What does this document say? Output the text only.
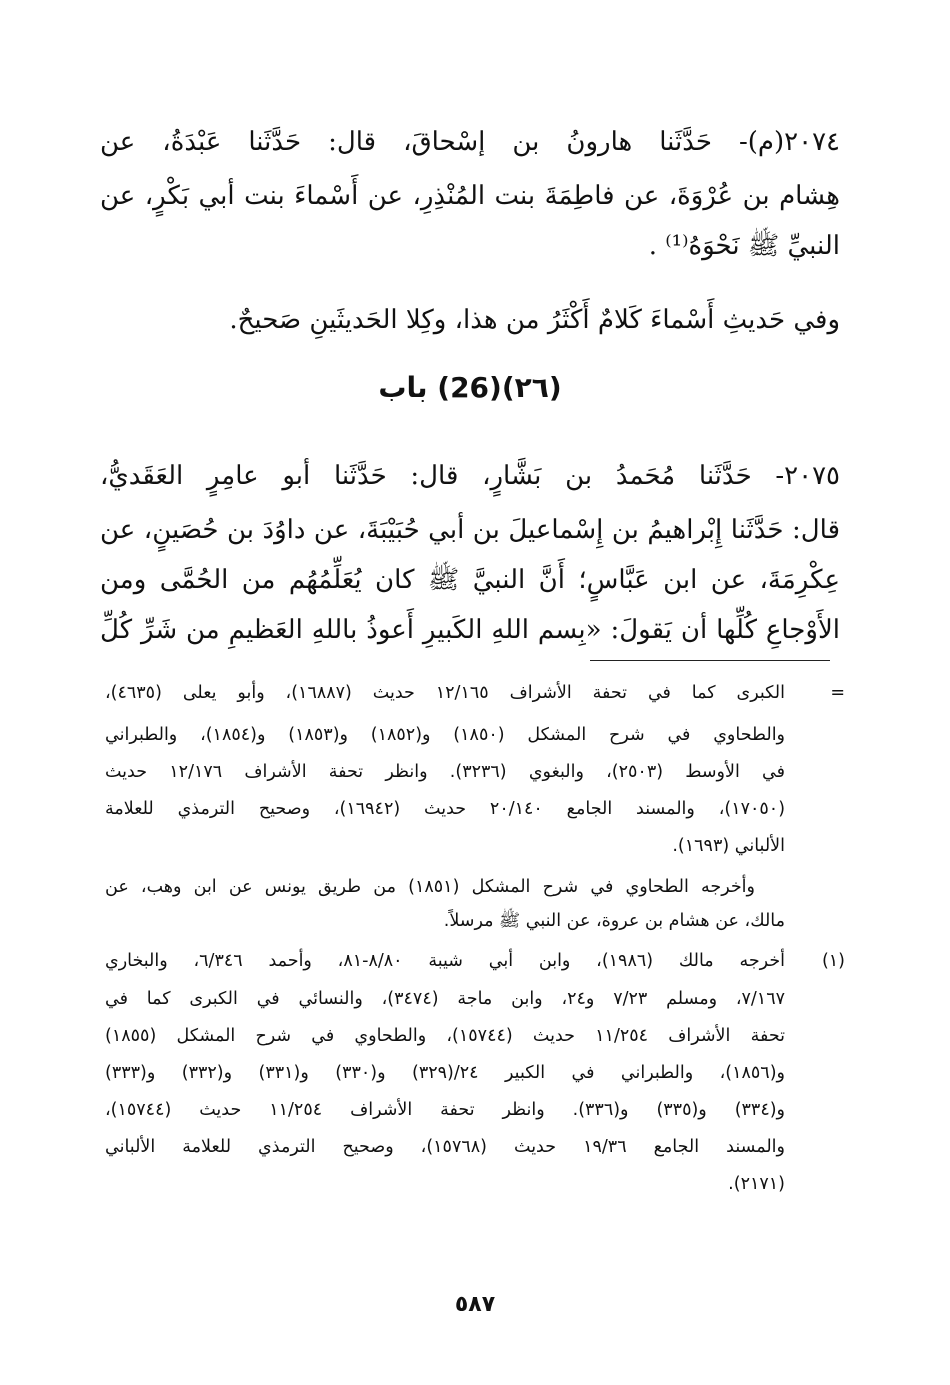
٢٠٧٤(م)- حَدَّثَنا هارونُ بن إسْحاقَ، قال: حَدَّثَنا عَبْدَةُ، عن
هِشام بن عُرْوَةَ، عن فاطِمَةَ بنت المُنْذِرِ، عن أَسْماءَ بنت أبي بَكْرٍ، عن
النبيِّ ﷺ نَحْوَهُ⁽¹⁾ .
وفي حَديثِ أَسْماءَ كَلامٌ أَكْثَرُ من هذا، وكِلا الحَديثَينِ صَحيحٌ.
(٢٦)(26) باب
٢٠٧٥- حَدَّثَنا مُحَمدُ بن بَشَّارٍ، قال: حَدَّثَنا أبو عامِرٍ العَقَديُّ،
قال: حَدَّثَنا إِبْراهيمُ بن إِسْماعيلَ بن أبي حُبَيْبَةَ، عن داوُدَ بن حُصَينٍ، عن
عِكْرِمَةَ، عن ابن عَبَّاسٍ؛ أَنَّ النبيَّ ﷺ كان يُعَلِّمُهُم من الحُمَّى ومن
الأَوْجاعِ كُلِّها أن يَقولَ: «بِسم اللهِ الكَبيرِ أَعوذُ باللهِ العَظيمِ من شَرِّ كُلِّ
=
الكبرى كما في تحفة الأشراف ١٢/١٦٥ حديث (١٦٨٨٧)، وأبو يعلى (٤٦٣٥)،
والطحاوي في شرح المشكل (١٨٥٠) و(١٨٥٢) و(١٨٥٣) و(١٨٥٤)، والطبراني
في الأوسط (٢٥٠٣)، والبغوي (٣٢٣٦). وانظر تحفة الأشراف ١٢/١٧٦ حديث
(١٧٠٥٠)، والمسند الجامع ٢٠/١٤٠ حديث (١٦٩٤٢)، وصحيح الترمذي للعلامة
الألباني (١٦٩٣).
وأخرجه الطحاوي في شرح المشكل (١٨٥١) من طريق يونس عن ابن وهب، عن
مالك، عن هشام بن عروة، عن النبي ﷺ مرسلاً.
(١)
أخرجه مالك (١٩٨٦)، وابن أبي شيبة ٨/٨٠-٨١، وأحمد ٦/٣٤٦، والبخاري
٧/١٦٧، ومسلم ٧/٢٣ و٢٤، وابن ماجة (٣٤٧٤)، والنسائي في الكبرى كما في
تحفة الأشراف ١١/٢٥٤ حديث (١٥٧٤٤)، والطحاوي في شرح المشكل (١٨٥٥)
و(١٨٥٦)، والطبراني في الكبير ٢٤/(٣٢٩) و(٣٣٠) و(٣٣١) و(٣٣٢) و(٣٣٣)
و(٣٣٤) و(٣٣٥) و(٣٣٦). وانظر تحفة الأشراف ١١/٢٥٤ حديث (١٥٧٤٤)،
والمسند الجامع ١٩/٣٦ حديث (١٥٧٦٨)، وصحيح الترمذي للعلامة الألباني
(٢١٧١).
٥٨٧
